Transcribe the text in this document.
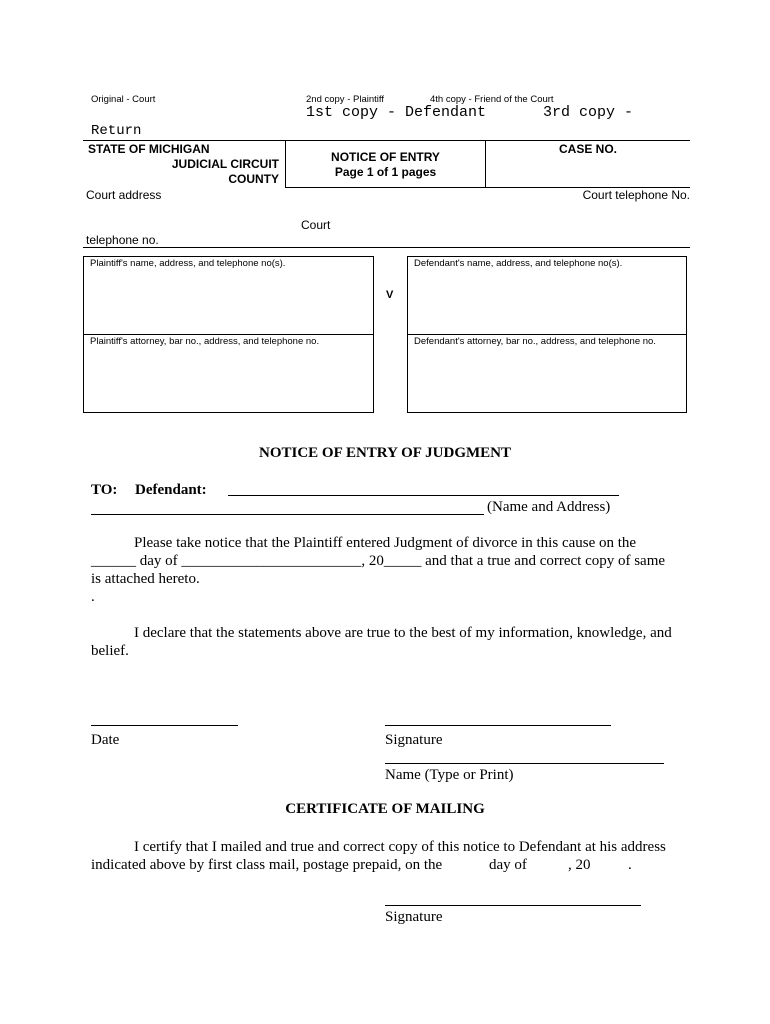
Original - Court	2nd copy - Plaintiff	4th copy - Friend of the Court
1st copy - Defendant	3rd copy -
Return
STATE OF MICHIGAN
JUDICIAL CIRCUIT
COUNTY
NOTICE OF ENTRY
Page 1 of 1 pages
CASE NO.
Court address	Court telephone No.
Court
telephone no.
Plaintiff's name, address, and telephone no(s).
Plaintiff's attorney, bar no., address, and telephone no.
V
Defendant's name, address, and telephone no(s).
Defendant's attorney, bar no., address, and telephone no.
NOTICE OF ENTRY OF JUDGMENT
TO: Defendant:
(Name and Address)
Please take notice that the Plaintiff entered Judgment of divorce in this cause on the
______ day of ________________________, 20_____ and that a true and correct copy of same
is attached hereto.
.
I declare that the statements above are true to the best of my information, knowledge, and
belief.
Date	Signature
Name (Type or Print)
CERTIFICATE OF MAILING
I certify that I mailed and true and correct copy of this notice to Defendant at his address
indicated above by first class mail, postage prepaid, on the	day of	, 20	.
Signature
